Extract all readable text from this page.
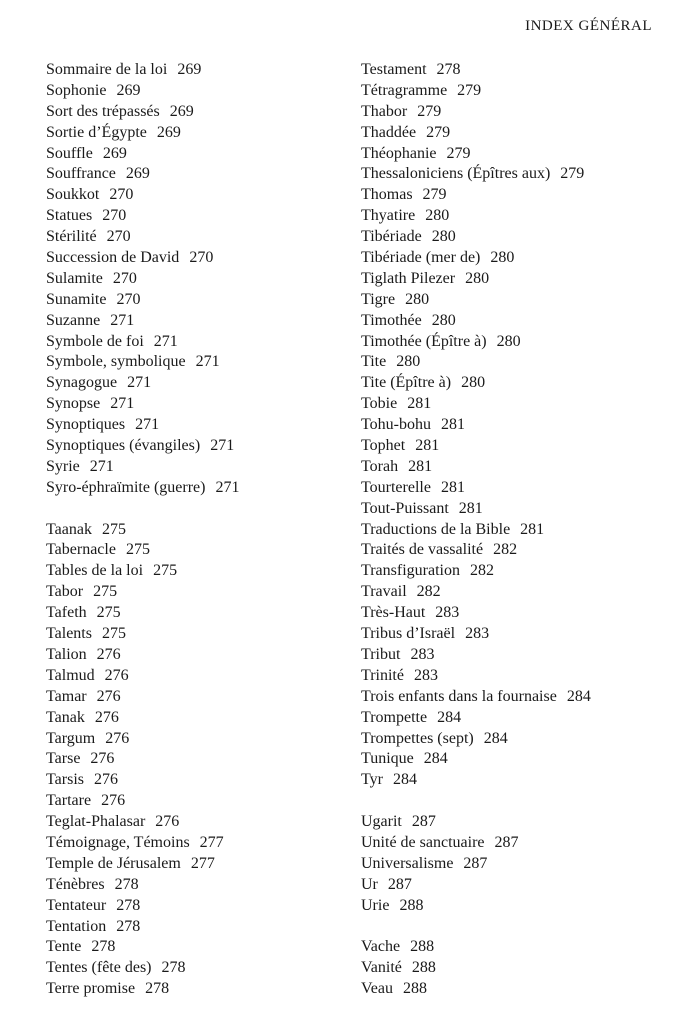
INDEX GÉNÉRAL
Sommaire de la loi 269
Sophonie 269
Sort des trépassés 269
Sortie d’Égypte 269
Souffle 269
Souffrance 269
Soukkot 270
Statues 270
Stérilité 270
Succession de David 270
Sulamite 270
Sunamite 270
Suzanne 271
Symbole de foi 271
Symbole, symbolique 271
Synagogue 271
Synopse 271
Synoptiques 271
Synoptiques (évangiles) 271
Syrie 271
Syro-éphraïmite (guerre) 271
Taanak 275
Tabernacle 275
Tables de la loi 275
Tabor 275
Tafeth 275
Talents 275
Talion 276
Talmud 276
Tamar 276
Tanak 276
Targum 276
Tarse 276
Tarsis 276
Tartare 276
Teglat-Phalasar 276
Témoignage, Témoins 277
Temple de Jérusalem 277
Ténèbres 278
Tentateur 278
Tentation 278
Tente 278
Tentes (fête des) 278
Terre promise 278
Testament 278
Tétragramme 279
Thabor 279
Thaddée 279
Théophanie 279
Thessaloniciens (Épîtres aux) 279
Thomas 279
Thyatire 280
Tibériade 280
Tibériade (mer de) 280
Tiglath Pilezer 280
Tigre 280
Timothée 280
Timothée (Épître à) 280
Tite 280
Tite (Épître à) 280
Tobie 281
Tohu-bohu 281
Tophet 281
Torah 281
Tourterelle 281
Tout-Puissant 281
Traductions de la Bible 281
Traités de vassalité 282
Transfiguration 282
Travail 282
Très-Haut 283
Tribus d’Israël 283
Tribut 283
Trinité 283
Trois enfants dans la fournaise 284
Trompette 284
Trompettes (sept) 284
Tunique 284
Tyr 284
Ugarit 287
Unité de sanctuaire 287
Universalisme 287
Ur 287
Urie 288
Vache 288
Vanité 288
Veau 288
